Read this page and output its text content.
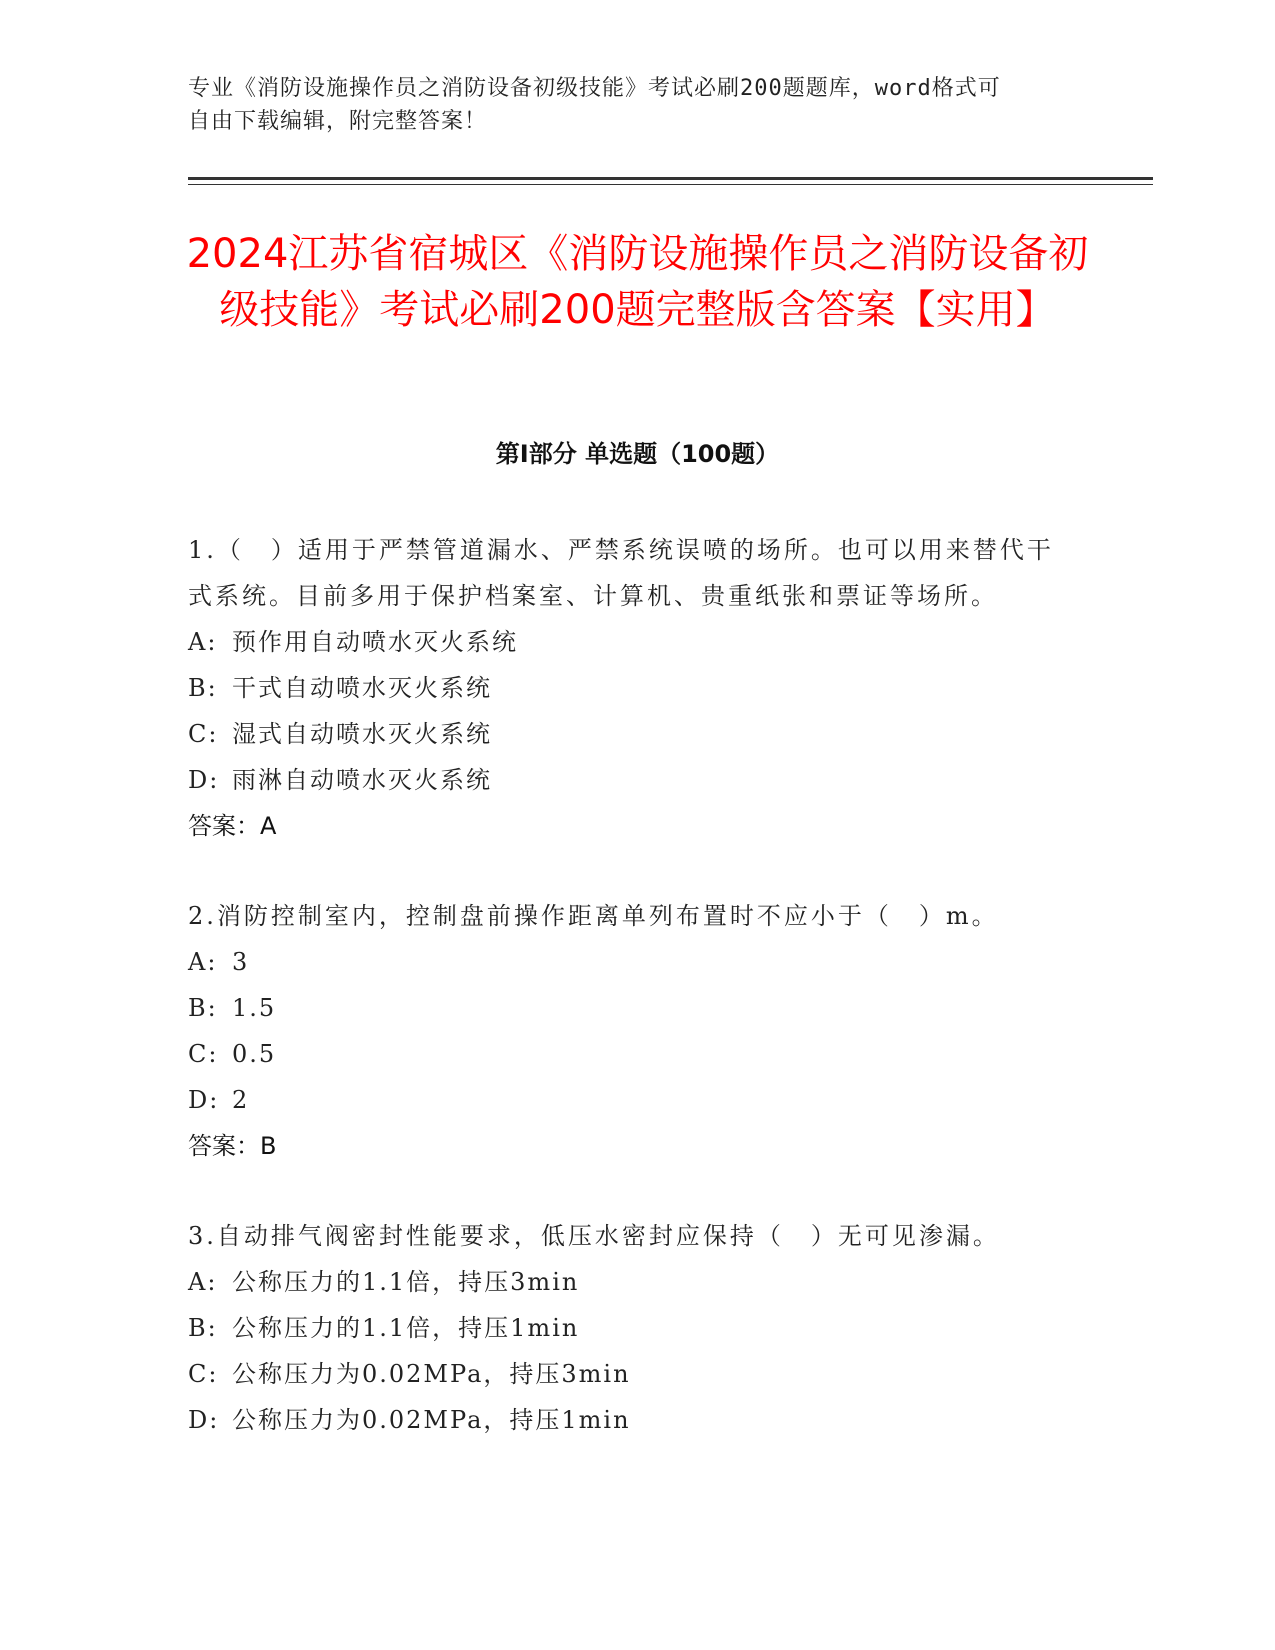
专业《消防设施操作员之消防设备初级技能》考试必刷200题题库，word格式可
自由下载编辑，附完整答案！
2024江苏省宿城区《消防设施操作员之消防设备初级技能》考试必刷200题完整版含答案【实用】
第I部分 单选题（100题）

1.（　）适用于严禁管道漏水、严禁系统误喷的场所。也可以用来替代干式系统。目前多用于保护档案室、计算机、贵重纸张和票证等场所。

A: 预作用自动喷水灭火系统

B: 干式自动喷水灭火系统

C: 湿式自动喷水灭火系统

D: 雨淋自动喷水灭火系统

答案：A

2.消防控制室内，控制盘前操作距离单列布置时不应小于（　）m。

A: 3

B: 1.5

C: 0.5

D: 2

答案：B

3.自动排气阀密封性能要求，低压水密封应保持（　）无可见渗漏。

A: 公称压力的1.1倍，持压3min

B: 公称压力的1.1倍，持压1min

C: 公称压力为0.02MPa，持压3min

D: 公称压力为0.02MPa，持压1min
